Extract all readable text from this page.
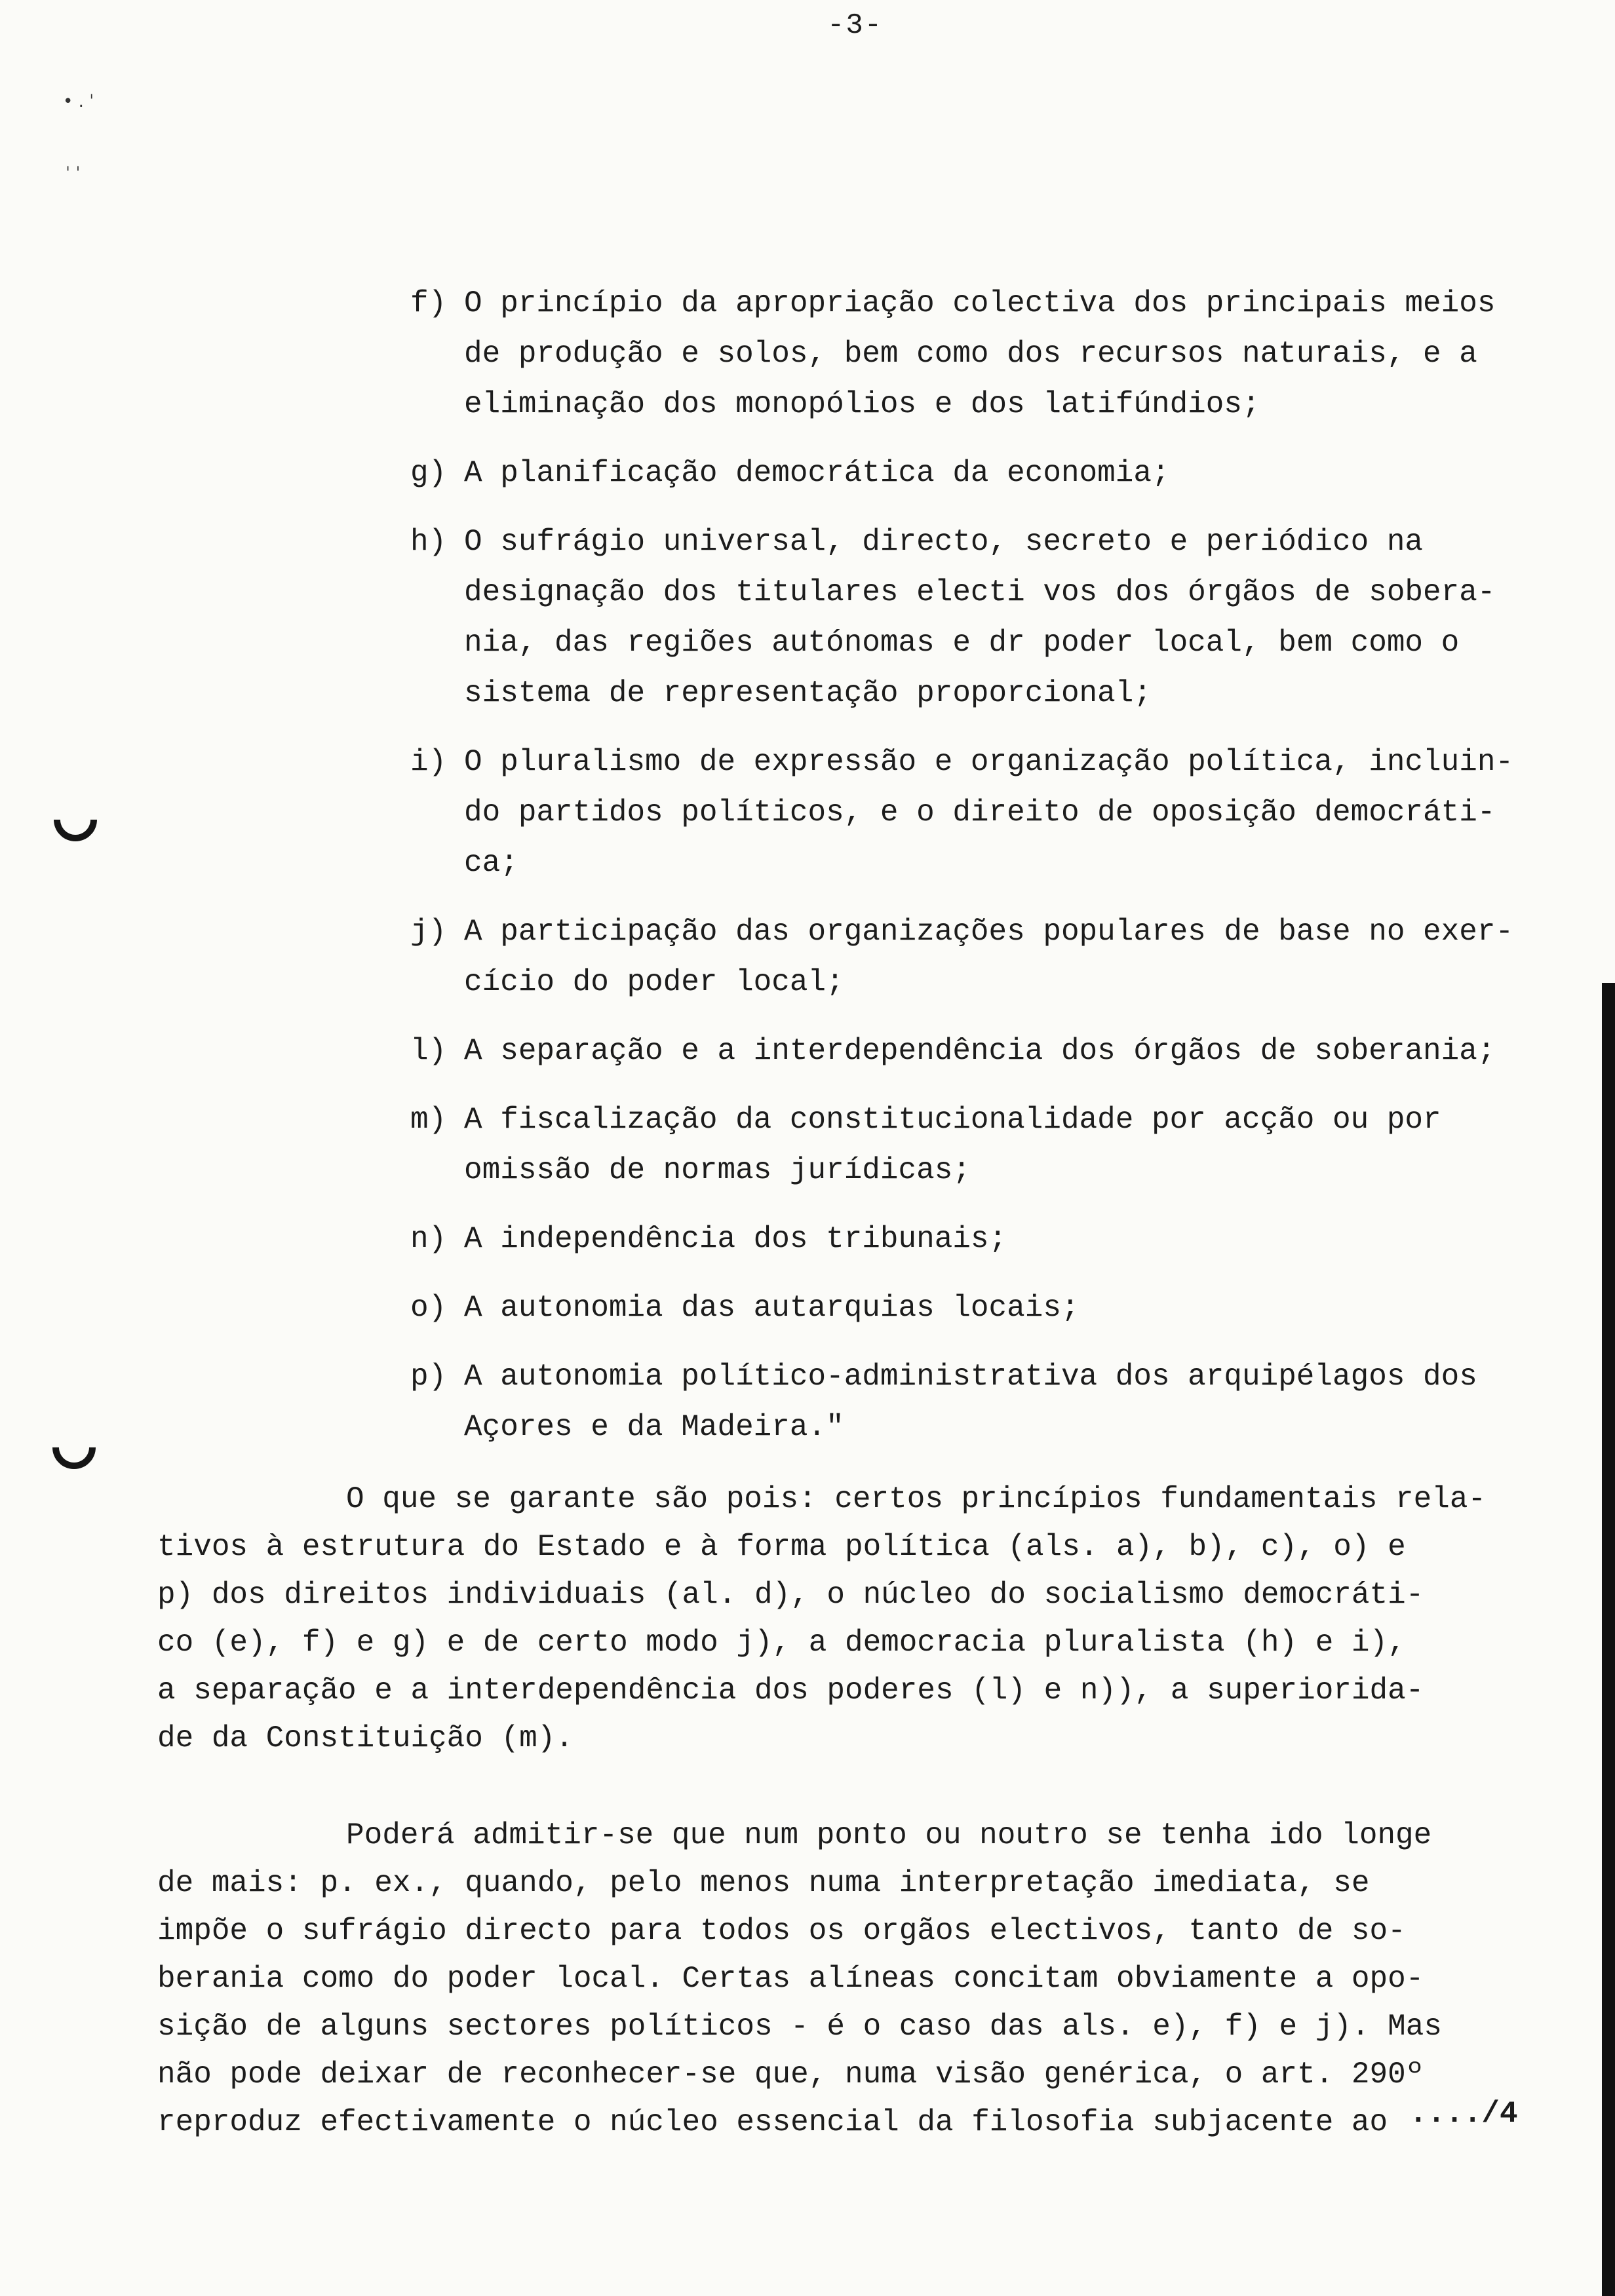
-3-
• . ˈ
ˈ ˈ
f) O princípio da apropriação colectiva dos principais meios
de produção e solos, bem como dos recursos naturais, e a
eliminação dos monopólios e dos latifúndios;
g) A planificação democrática da economia;
h) O sufrágio universal, directo, secreto e periódico na
designação dos titulares electi vos dos órgãos de sobera-
nia, das regiões autónomas e dr poder local, bem como o
sistema de representação proporcional;
i) O pluralismo de expressão e organização política, incluin-
do partidos políticos, e o direito de oposição democráti-
ca;
j) A participação das organizações populares de base no exer-
cício do poder local;
l) A separação e a interdependência dos órgãos de soberania;
m) A fiscalização da constitucionalidade por acção ou por
omissão de normas jurídicas;
n) A independência dos tribunais;
o) A autonomia das autarquias locais;
p) A autonomia político-administrativa dos arquipélagos dos
Açores e da Madeira."
O que se garante são pois: certos princípios fundamentais rela-
tivos à estrutura do Estado e à forma política (als. a), b), c), o) e
p) dos direitos individuais (al. d), o núcleo do socialismo democráti-
co (e), f) e g) e de certo modo j), a democracia pluralista (h) e i),
a separação e a interdependência dos poderes (l) e n)), a superiorida-
de da Constituição (m).
Poderá admitir-se que num ponto ou noutro se tenha ido longe
de mais: p. ex., quando, pelo menos numa interpretação imediata, se
impõe o sufrágio directo para todos os orgãos electivos, tanto de so-
berania como do poder local. Certas alíneas concitam obviamente a opo-
sição de alguns sectores políticos - é o caso das als. e), f) e j). Mas
não pode deixar de reconhecer-se que, numa visão genérica, o art. 290º
reproduz efectivamente o núcleo essencial da filosofia subjacente ao ..../4
